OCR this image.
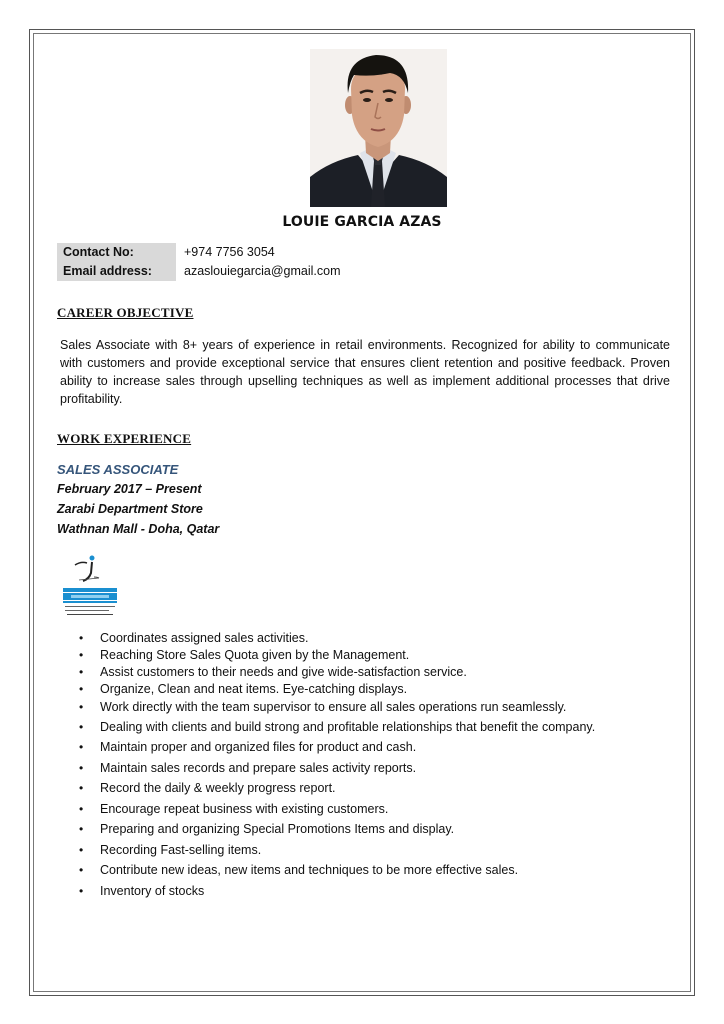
LOUIE GARCIA AZAS
Contact No:	+974 7756 3054
Email address:	azaslouiegarcia@gmail.com
CAREER OBJECTIVE

Sales Associate with 8+ years of experience in retail environments. Recognized for ability to communicate with customers and provide exceptional service that ensures client retention and positive feedback. Proven ability to increase sales through upselling techniques as well as implement additional processes that drive profitability.

WORK EXPERIENCE
SALES ASSOCIATE
February 2017 – Present
Zarabi Department Store
Wathnan Mall - Doha, Qatar
• Coordinates assigned sales activities.
• Reaching Store Sales Quota given by the Management.
• Assist customers to their needs and give wide-satisfaction service.
• Organize, Clean and neat items. Eye-catching displays.
• Work directly with the team supervisor to ensure all sales operations run seamlessly.
• Dealing with clients and build strong and profitable relationships that benefit the company.
• Maintain proper and organized files for product and cash.
• Maintain sales records and prepare sales activity reports.
• Record the daily & weekly progress report.
• Encourage repeat business with existing customers.
• Preparing and organizing Special Promotions Items and display.
• Recording Fast-selling items.
• Contribute new ideas, new items and techniques to be more effective sales.
• Inventory of stocks
